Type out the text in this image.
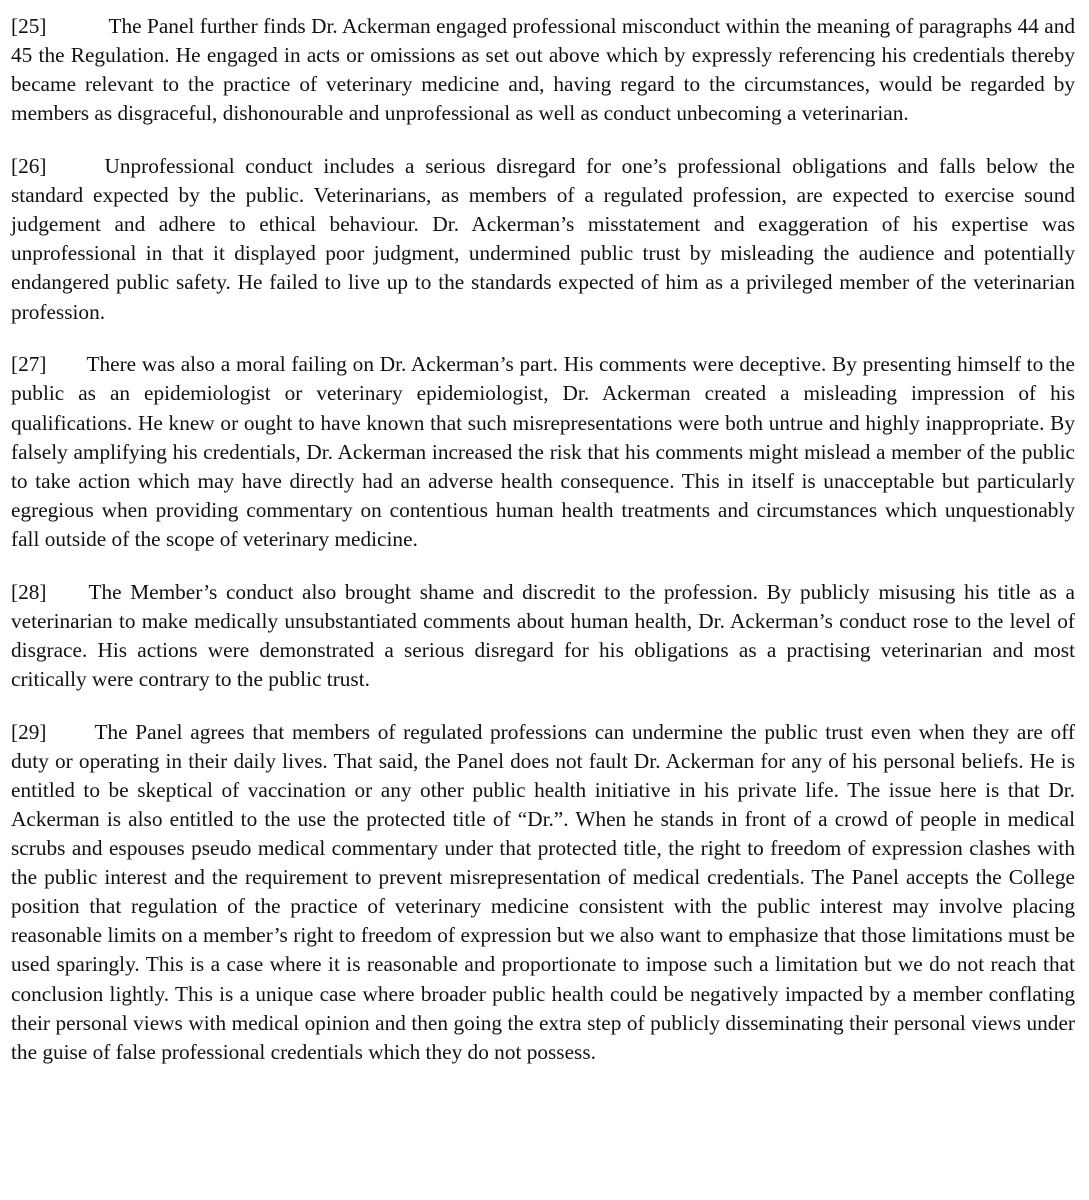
[25]	The Panel further finds Dr. Ackerman engaged professional misconduct within the meaning of paragraphs 44 and 45 the Regulation. He engaged in acts or omissions as set out above which by expressly referencing his credentials thereby became relevant to the practice of veterinary medicine and, having regard to the circumstances, would be regarded by members as disgraceful, dishonourable and unprofessional as well as conduct unbecoming a veterinarian.

[26]	Unprofessional conduct includes a serious disregard for one’s professional obligations and falls below the standard expected by the public. Veterinarians, as members of a regulated profession, are expected to exercise sound judgement and adhere to ethical behaviour. Dr. Ackerman’s misstatement and exaggeration of his expertise was unprofessional in that it displayed poor judgment, undermined public trust by misleading the audience and potentially endangered public safety. He failed to live up to the standards expected of him as a privileged member of the veterinarian profession.

[27] There was also a moral failing on Dr. Ackerman’s part. His comments were deceptive. By presenting himself to the public as an epidemiologist or veterinary epidemiologist, Dr. Ackerman created a misleading impression of his qualifications. He knew or ought to have known that such misrepresentations were both untrue and highly inappropriate. By falsely amplifying his credentials, Dr. Ackerman increased the risk that his comments might mislead a member of the public to take action which may have directly had an adverse health consequence. This in itself is unacceptable but particularly egregious when providing commentary on contentious human health treatments and circumstances which unquestionably fall outside of the scope of veterinary medicine.

[28] The Member’s conduct also brought shame and discredit to the profession. By publicly misusing his title as a veterinarian to make medically unsubstantiated comments about human health, Dr. Ackerman’s conduct rose to the level of disgrace. His actions were demonstrated a serious disregard for his obligations as a practising veterinarian and most critically were contrary to the public trust.

[29] The Panel agrees that members of regulated professions can undermine the public trust even when they are off duty or operating in their daily lives. That said, the Panel does not fault Dr. Ackerman for any of his personal beliefs. He is entitled to be skeptical of vaccination or any other public health initiative in his private life. The issue here is that Dr. Ackerman is also entitled to the use the protected title of “Dr.”. When he stands in front of a crowd of people in medical scrubs and espouses pseudo medical commentary under that protected title, the right to freedom of expression clashes with the public interest and the requirement to prevent misrepresentation of medical credentials. The Panel accepts the College position that regulation of the practice of veterinary medicine consistent with the public interest may involve placing reasonable limits on a member’s right to freedom of expression but we also want to emphasize that those limitations must be used sparingly. This is a case where it is reasonable and proportionate to impose such a limitation but we do not reach that conclusion lightly. This is a unique case where broader public health could be negatively impacted by a member conflating their personal views with medical opinion and then going the extra step of publicly disseminating their personal views under the guise of false professional credentials which they do not possess.
